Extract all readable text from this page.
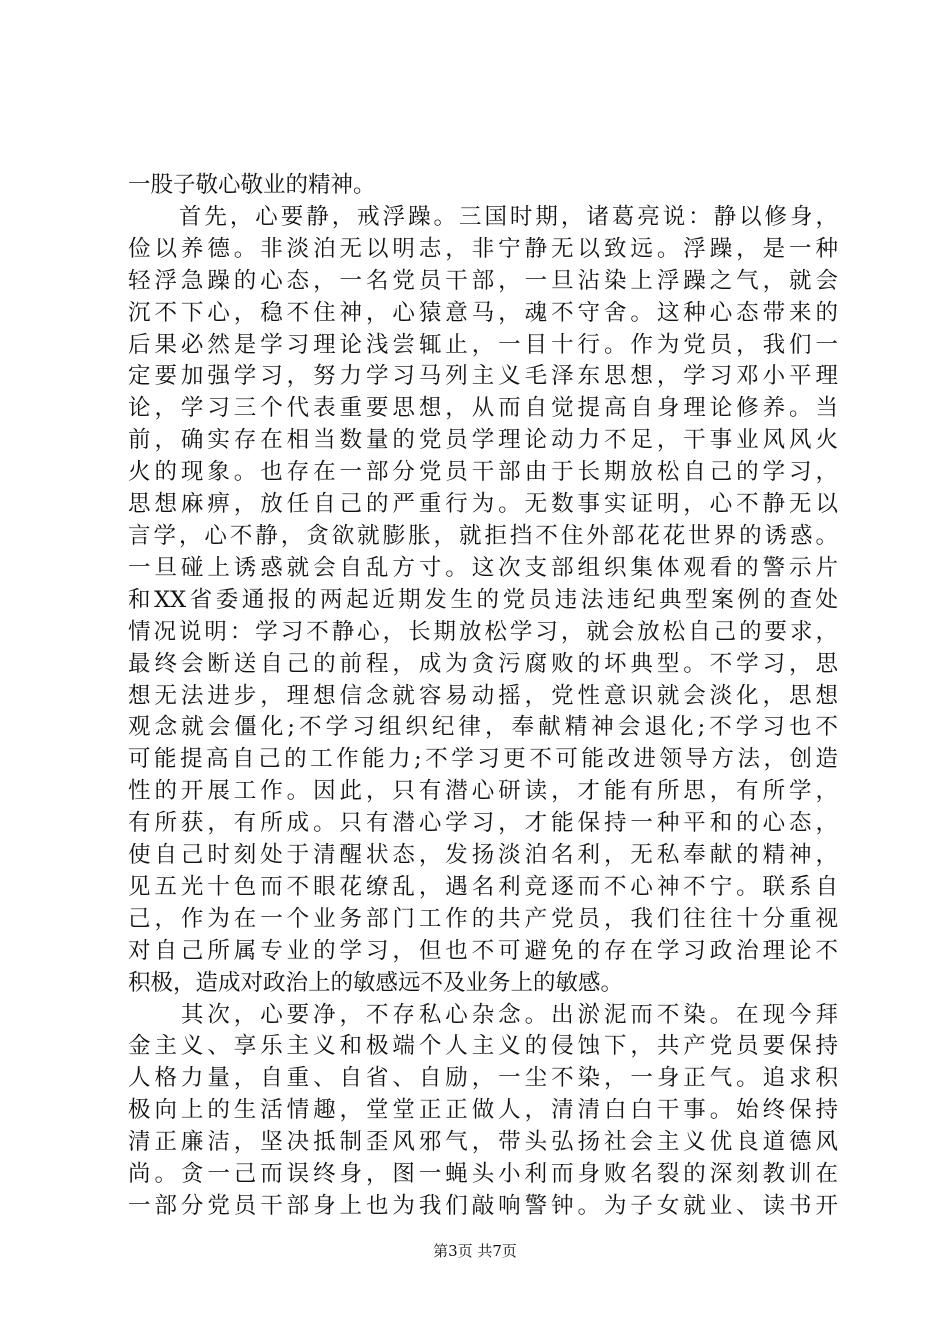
一股子敬心敬业的精神。
　　首先，心要静，戒浮躁。三国时期，诸葛亮说：静以修身，
俭以养德。非淡泊无以明志，非宁静无以致远。浮躁，是一种
轻浮急躁的心态，一名党员干部，一旦沾染上浮躁之气，就会
沉不下心，稳不住神，心猿意马，魂不守舍。这种心态带来的
后果必然是学习理论浅尝辄止，一目十行。作为党员，我们一
定要加强学习，努力学习马列主义毛泽东思想，学习邓小平理
论，学习三个代表重要思想，从而自觉提高自身理论修养。当
前，确实存在相当数量的党员学理论动力不足，干事业风风火
火的现象。也存在一部分党员干部由于长期放松自己的学习，
思想麻痹，放任自己的严重行为。无数事实证明，心不静无以
言学，心不静，贪欲就膨胀，就拒挡不住外部花花世界的诱惑。
一旦碰上诱惑就会自乱方寸。这次支部组织集体观看的警示片
和XX省委通报的两起近期发生的党员违法违纪典型案例的查处
情况说明：学习不静心，长期放松学习，就会放松自己的要求，
最终会断送自己的前程，成为贪污腐败的坏典型。不学习，思
想无法进步，理想信念就容易动摇，党性意识就会淡化，思想
观念就会僵化;不学习组织纪律，奉献精神会退化;不学习也不
可能提高自己的工作能力;不学习更不可能改进领导方法，创造
性的开展工作。因此，只有潜心研读，才能有所思，有所学，
有所获，有所成。只有潜心学习，才能保持一种平和的心态，
使自己时刻处于清醒状态，发扬淡泊名利，无私奉献的精神，
见五光十色而不眼花缭乱，遇名利竞逐而不心神不宁。联系自
己，作为在一个业务部门工作的共产党员，我们往往十分重视
对自己所属专业的学习，但也不可避免的存在学习政治理论不
积极，造成对政治上的敏感远不及业务上的敏感。
　　其次，心要净，不存私心杂念。出淤泥而不染。在现今拜
金主义、享乐主义和极端个人主义的侵蚀下，共产党员要保持
人格力量，自重、自省、自励，一尘不染，一身正气。追求积
极向上的生活情趣，堂堂正正做人，清清白白干事。始终保持
清正廉洁，坚决抵制歪风邪气，带头弘扬社会主义优良道德风
尚。贪一己而误终身，图一蝇头小利而身败名裂的深刻教训在
一部分党员干部身上也为我们敲响警钟。为子女就业、读书开
第3页 共7页
